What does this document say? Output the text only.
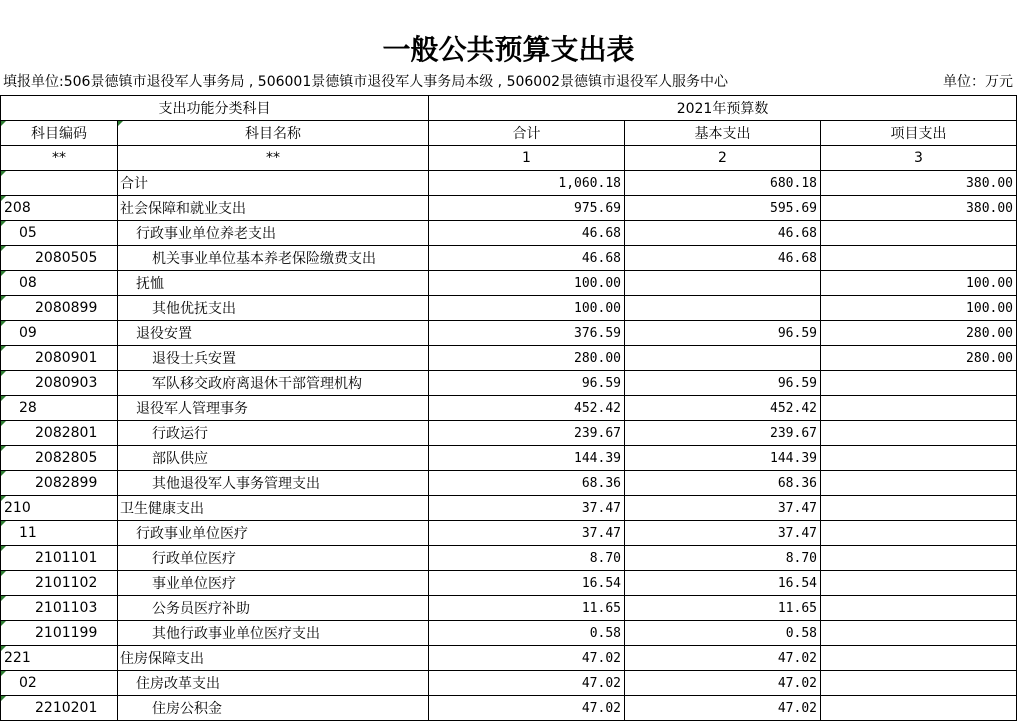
一般公共预算支出表
填报单位:506景德镇市退役军人事务局 , 506001景德镇市退役军人事务局本级 , 506002景德镇市退役军人服务中心	单位：万元
支出功能分类科目		2021年预算数		
科目编码	科目名称	合计	基本支出	项目支出
**	**	1	2	3
	合计	1,060.18	680.18	380.00
208	社会保障和就业支出	975.69	595.69	380.00
05	行政事业单位养老支出	46.68	46.68	
2080505	机关事业单位基本养老保险缴费支出	46.68	46.68	
08	抚恤	100.00		100.00
2080899	其他优抚支出	100.00		100.00
09	退役安置	376.59	96.59	280.00
2080901	退役士兵安置	280.00		280.00
2080903	军队移交政府离退休干部管理机构	96.59	96.59	
28	退役军人管理事务	452.42	452.42	
2082801	行政运行	239.67	239.67	
2082805	部队供应	144.39	144.39	
2082899	其他退役军人事务管理支出	68.36	68.36	
210	卫生健康支出	37.47	37.47	
11	行政事业单位医疗	37.47	37.47	
2101101	行政单位医疗	8.70	8.70	
2101102	事业单位医疗	16.54	16.54	
2101103	公务员医疗补助	11.65	11.65	
2101199	其他行政事业单位医疗支出	0.58	0.58	
221	住房保障支出	47.02	47.02	
02	住房改革支出	47.02	47.02	
2210201	住房公积金	47.02	47.02	
